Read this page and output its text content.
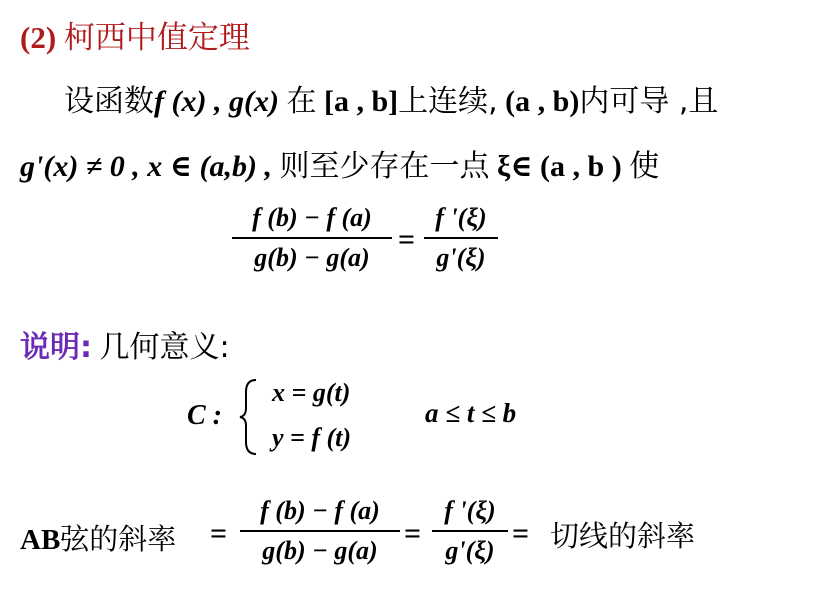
(2) 柯西中值定理
设函数f (x) , g(x) 在 [a , b]上连续, (a , b)内可导 ,且
g'(x) ≠ 0 , x ∈ (a,b) , 则至少存在一点 ξ∈ (a , b ) 使
f (b) − f (a)
g(b) − g(a)
=
f '(ξ)
g'(ξ)
说明: 几何意义:
C :
x = g(t)
y = f (t)
a ≤ t ≤ b
AB弦的斜率 =
f (b) − f (a)
g(b) − g(a)
=
f '(ξ)
g'(ξ)
= 切线的斜率
